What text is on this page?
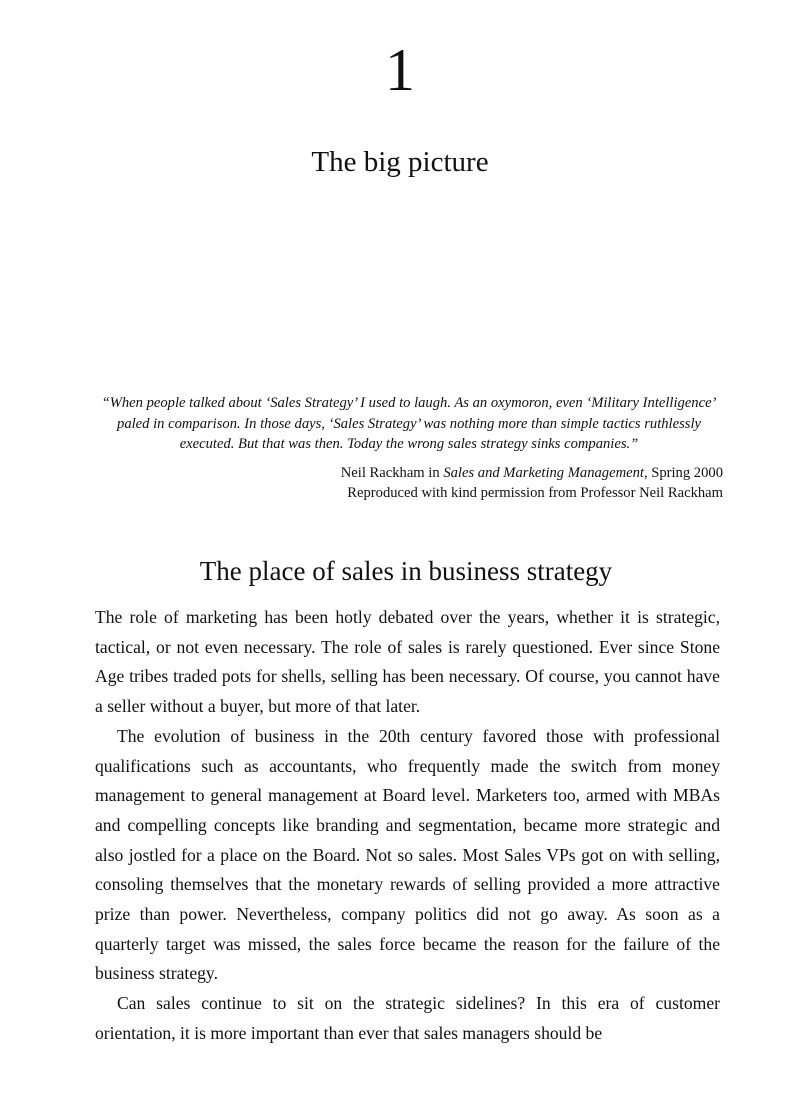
1
The big picture

“When people talked about ‘Sales Strategy’ I used to laugh. As an oxymoron, even ‘Military Intelligence’ paled in comparison. In those days, ‘Sales Strategy’ was nothing more than simple tactics ruthlessly executed. But that was then. Today the wrong sales strategy sinks companies.”

Neil Rackham in Sales and Marketing Management, Spring 2000
Reproduced with kind permission from Professor Neil Rackham
The place of sales in business strategy

The role of marketing has been hotly debated over the years, whether it is strategic, tactical, or not even necessary. The role of sales is rarely questioned. Ever since Stone Age tribes traded pots for shells, selling has been necessary. Of course, you cannot have a seller without a buyer, but more of that later.

The evolution of business in the 20th century favored those with professional qualifications such as accountants, who frequently made the switch from money management to general management at Board level. Marketers too, armed with MBAs and compelling concepts like branding and segmentation, became more strategic and also jostled for a place on the Board. Not so sales. Most Sales VPs got on with selling, consoling themselves that the monetary rewards of selling provided a more attractive prize than power. Nevertheless, company politics did not go away. As soon as a quarterly target was missed, the sales force became the reason for the failure of the business strategy.

Can sales continue to sit on the strategic sidelines? In this era of customer orientation, it is more important than ever that sales managers should be
